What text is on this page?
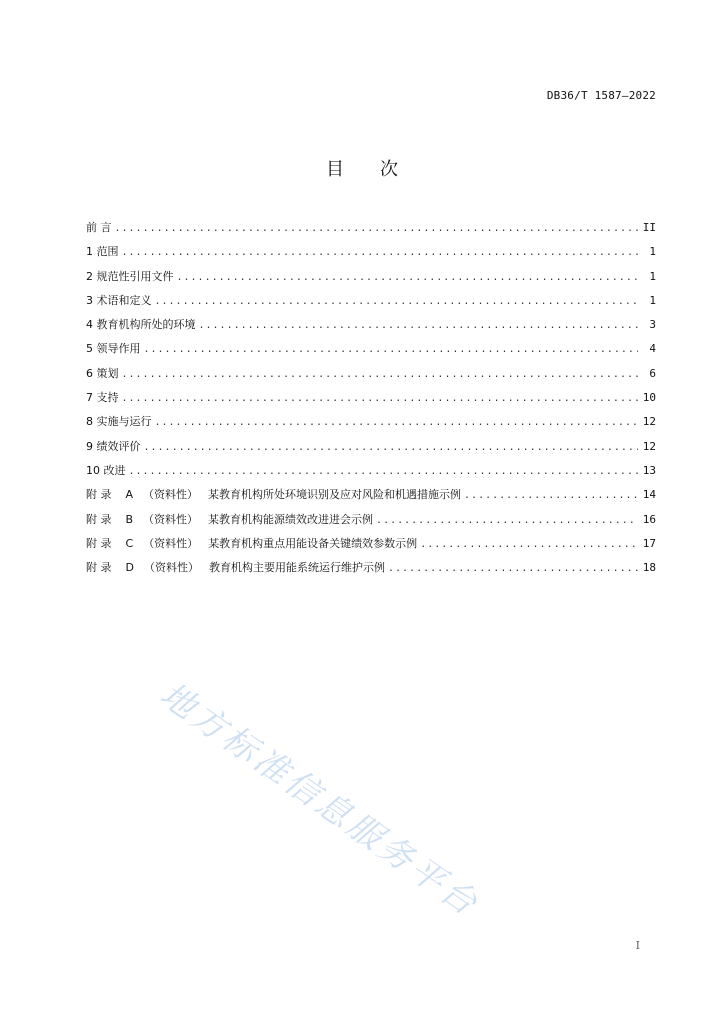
DB36/T 1587—2022
目次
前 言 .....	II
1 范围 .....	1
2 规范性引用文件 .....	1
3 术语和定义 .....	1
4 教育机构所处的环境 .....	3
5 领导作用 .....	4
6 策划 .....	6
7 支持 .....	10
8 实施与运行 .....	12
9 绩效评价 .....	12
10 改进 .....	13
附 录 A （资料性） 某教育机构所处环境识别及应对风险和机遇措施示例 .....	14
附 录 B （资料性） 某教育机构能源绩效改进进会示例 .....	16
附 录 C （资料性） 某教育机构重点用能设备关键绩效参数示例 .....	17
附 录 D （资料性） 教育机构主要用能系统运行维护示例 .....	18
地方标准信息服务平台
I
